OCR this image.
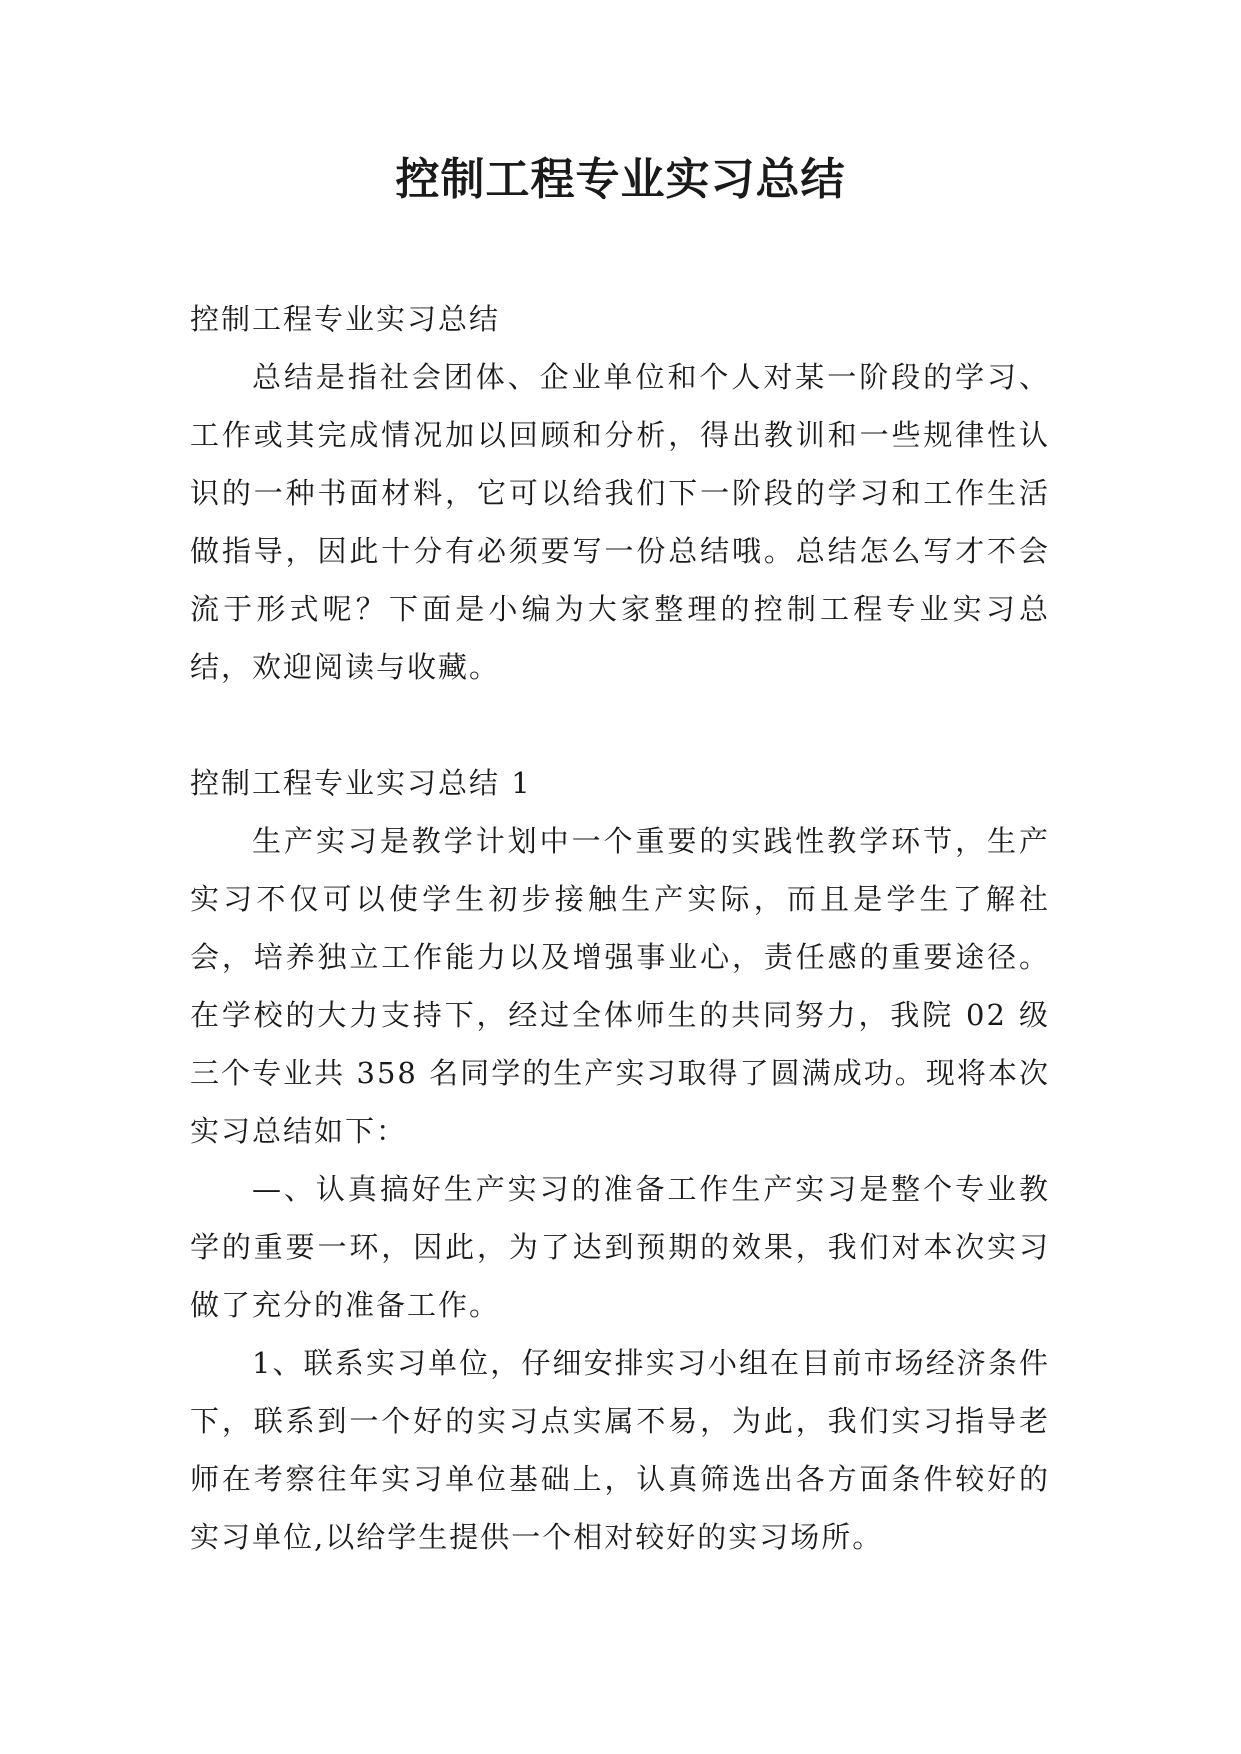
控制工程专业实习总结

控制工程专业实习总结

总结是指社会团体、企业单位和个人对某一阶段的学习、工作或其完成情况加以回顾和分析，得出教训和一些规律性认识的一种书面材料，它可以给我们下一阶段的学习和工作生活做指导，因此十分有必须要写一份总结哦。总结怎么写才不会流于形式呢？下面是小编为大家整理的控制工程专业实习总结，欢迎阅读与收藏。

控制工程专业实习总结 1

生产实习是教学计划中一个重要的实践性教学环节，生产实习不仅可以使学生初步接触生产实际，而且是学生了解社会，培养独立工作能力以及增强事业心，责任感的重要途径。在学校的大力支持下，经过全体师生的共同努力，我院 02 级三个专业共 358 名同学的生产实习取得了圆满成功。现将本次实习总结如下：

—、认真搞好生产实习的准备工作生产实习是整个专业教学的重要一环，因此，为了达到预期的效果，我们对本次实习做了充分的准备工作。

1、联系实习单位，仔细安排实习小组在目前市场经济条件下，联系到一个好的实习点实属不易，为此，我们实习指导老师在考察往年实习单位基础上，认真筛选出各方面条件较好的实习单位,以给学生提供一个相对较好的实习场所。
